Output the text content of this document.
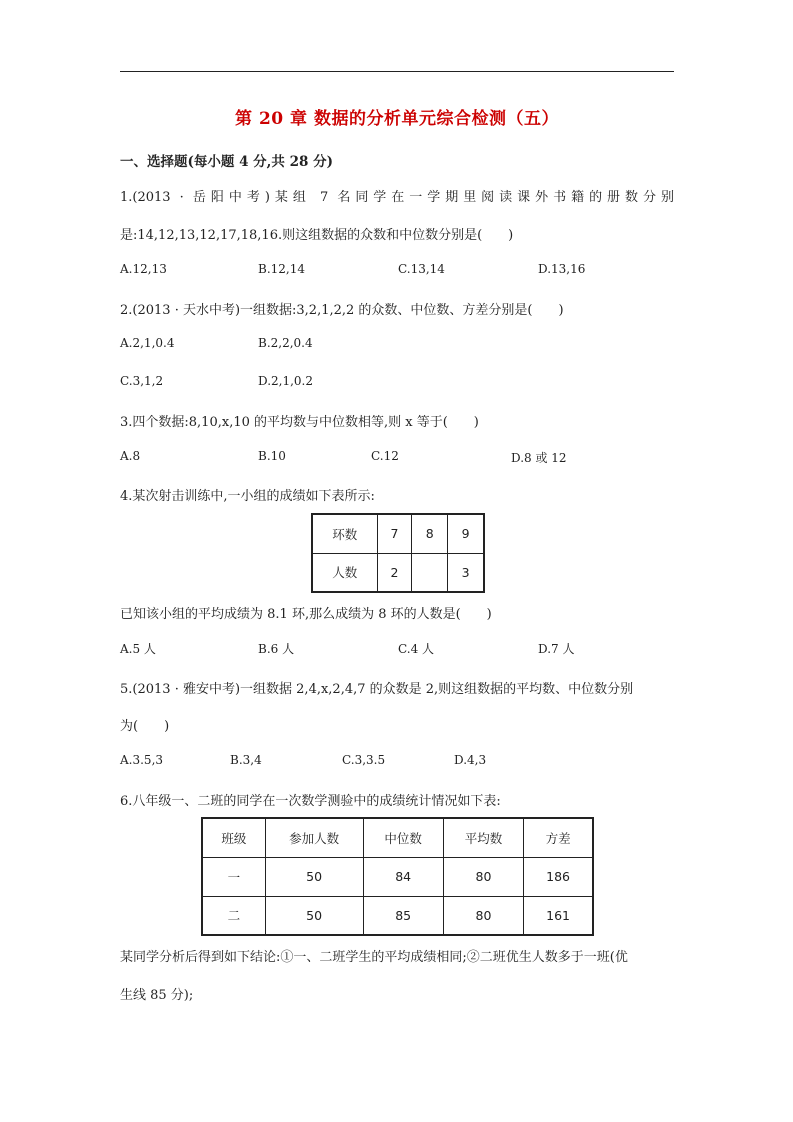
第 20 章 数据的分析单元综合检测（五）
一、选择题(每小题 4 分,共 28 分)
1.(2013 · 岳阳中考)某组 7 名同学在一学期里阅读课外书籍的册数分别
是:14,12,13,12,17,18,16.则这组数据的众数和中位数分别是(　　)
A.12,13	B.12,14	C.13,14	D.13,16
2.(2013 · 天水中考)一组数据:3,2,1,2,2 的众数、中位数、方差分别是(　　)
A.2,1,0.4	B.2,2,0.4
C.3,1,2	D.2,1,0.2
3.四个数据:8,10,x,10 的平均数与中位数相等,则 x 等于(　　)
A.8	B.10	C.12	D.8 或 12
4.某次射击训练中,一小组的成绩如下表所示:
环数	7	8	9
人数	2		3
已知该小组的平均成绩为 8.1 环,那么成绩为 8 环的人数是(　　)
A.5 人	B.6 人	C.4 人	D.7 人
5.(2013 · 雅安中考)一组数据 2,4,x,2,4,7 的众数是 2,则这组数据的平均数、中位数分别
为(　　)
A.3.5,3	B.3,4	C.3,3.5	D.4,3
6.八年级一、二班的同学在一次数学测验中的成绩统计情况如下表:
班级	参加人数	中位数	平均数	方差
一	50	84	80	186
二	50	85	80	161
某同学分析后得到如下结论:①一、二班学生的平均成绩相同;②二班优生人数多于一班(优
生线 85 分);
